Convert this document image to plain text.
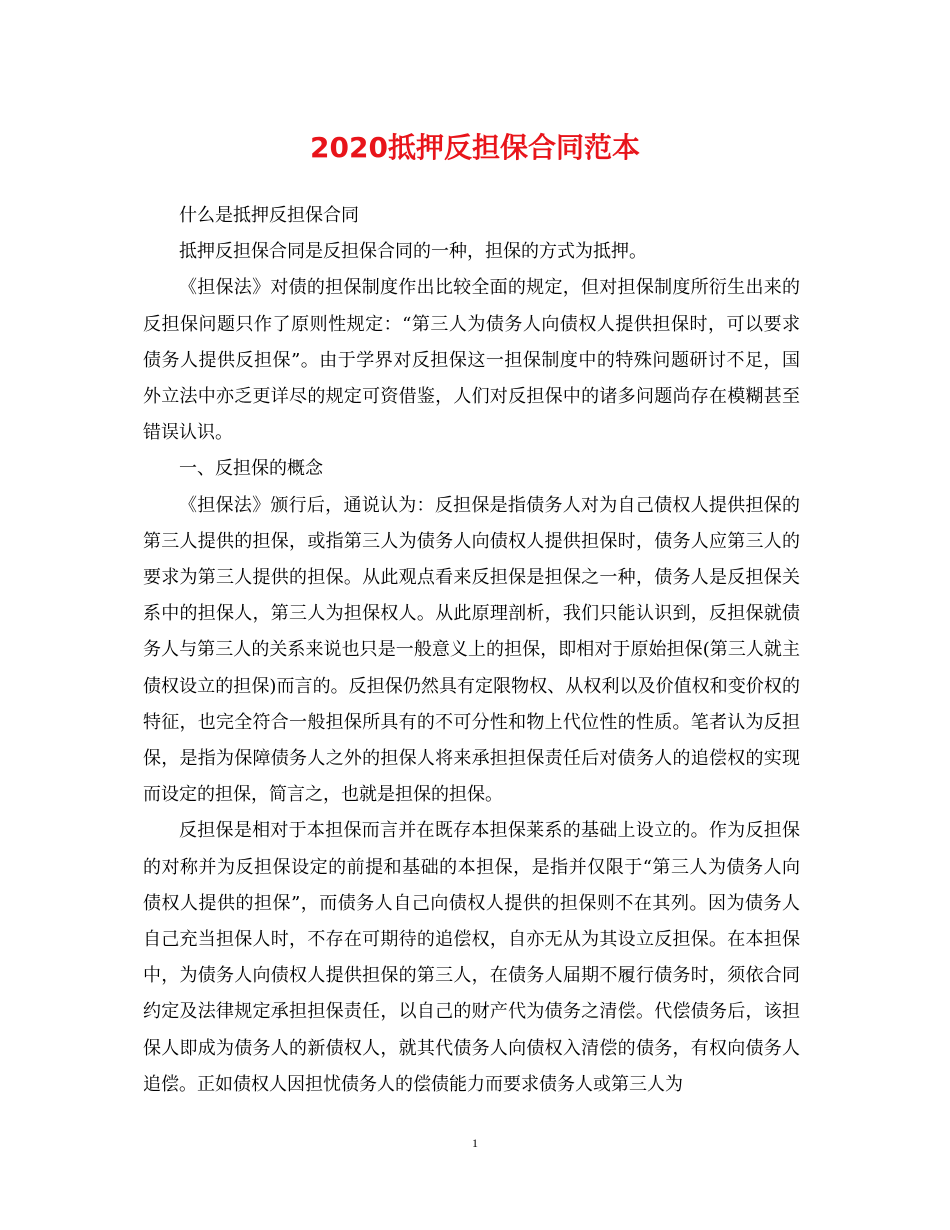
2020抵押反担保合同范本

什么是抵押反担保合同

抵押反担保合同是反担保合同的一种，担保的方式为抵押。

《担保法》对债的担保制度作出比较全面的规定，但对担保制度所衍生出来的反担保问题只作了原则性规定：“第三人为债务人向债权人提供担保时，可以要求债务人提供反担保”。由于学界对反担保这一担保制度中的特殊问题研讨不足，国外立法中亦乏更详尽的规定可资借鉴，人们对反担保中的诸多问题尚存在模糊甚至错误认识。

一、反担保的概念

《担保法》颁行后，通说认为：反担保是指债务人对为自己债权人提供担保的第三人提供的担保，或指第三人为债务人向债权人提供担保时，债务人应第三人的要求为第三人提供的担保。从此观点看来反担保是担保之一种，债务人是反担保关系中的担保人，第三人为担保权人。从此原理剖析，我们只能认识到，反担保就债务人与第三人的关系来说也只是一般意义上的担保，即相对于原始担保(第三人就主债权设立的担保)而言的。反担保仍然具有定限物权、从权利以及价值权和变价权的特征，也完全符合一般担保所具有的不可分性和物上代位性的性质。笔者认为反担保，是指为保障债务人之外的担保人将来承担担保责任后对债务人的追偿权的实现而设定的担保，简言之，也就是担保的担保。

反担保是相对于本担保而言并在既存本担保莱系的基础上设立的。作为反担保的对称并为反担保设定的前提和基础的本担保，是指并仅限于“第三人为债务人向债权人提供的担保”，而债务人自己向债权人提供的担保则不在其列。因为债务人自己充当担保人时，不存在可期待的追偿权，自亦无从为其设立反担保。在本担保中，为债务人向债权人提供担保的第三人，在债务人届期不履行债务时，须依合同约定及法律规定承担担保责任，以自己的财产代为债务之清偿。代偿债务后，该担保人即成为债务人的新债权人，就其代债务人向债权入清偿的债务，有权向债务人追偿。正如债权人因担忧债务人的偿债能力而要求债务人或第三人为

1
